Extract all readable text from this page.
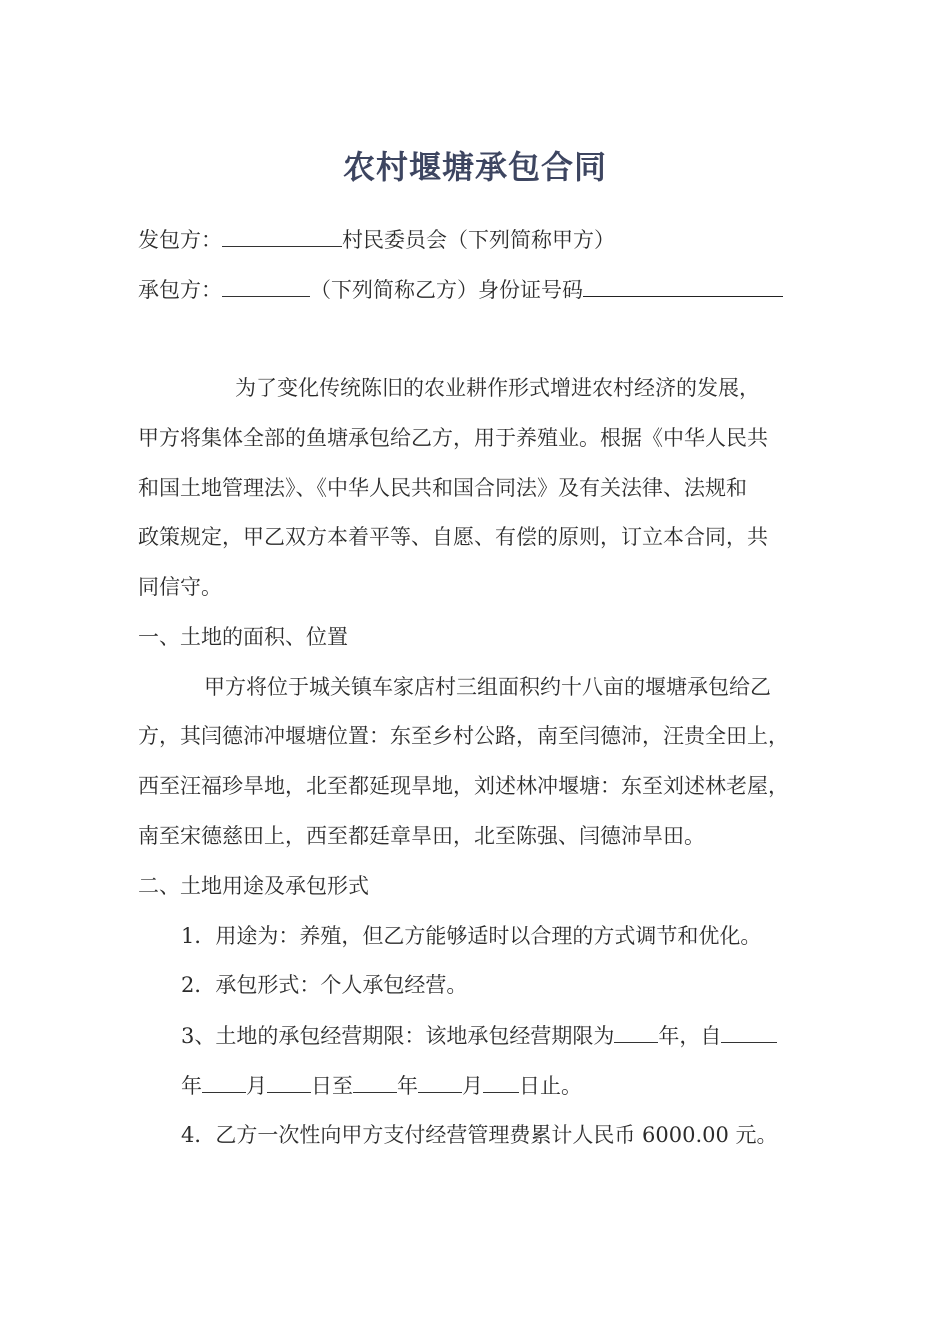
农村堰塘承包合同
发包方：	村民委员会（下列简称甲方）
承包方：	（下列简称乙方）身份证号码
为了变化传统陈旧的农业耕作形式增进农村经济的发展，
甲方将集体全部的鱼塘承包给乙方，用于养殖业。根据《中华人民共
和国土地管理法》、《中华人民共和国合同法》及有关法律、法规和
政策规定，甲乙双方本着平等、自愿、有偿的原则，订立本合同，共
同信守。
一、土地的面积、位置
甲方将位于城关镇车家店村三组面积约十八亩的堰塘承包给乙
方，其闫德沛冲堰塘位置：东至乡村公路，南至闫德沛，汪贵全田上，
西至汪福珍旱地，北至都延现旱地，刘述林冲堰塘：东至刘述林老屋，
南至宋德慈田上，西至都廷章旱田，北至陈强、闫德沛旱田。
二、土地用途及承包形式
1．用途为：养殖，但乙方能够适时以合理的方式调节和优化。
2．承包形式：个人承包经营。
3、土地的承包经营期限：该地承包经营期限为 年，自
年 月 日至 年 月 日止。
4．乙方一次性向甲方支付经营管理费累计人民币 6000.00 元。
